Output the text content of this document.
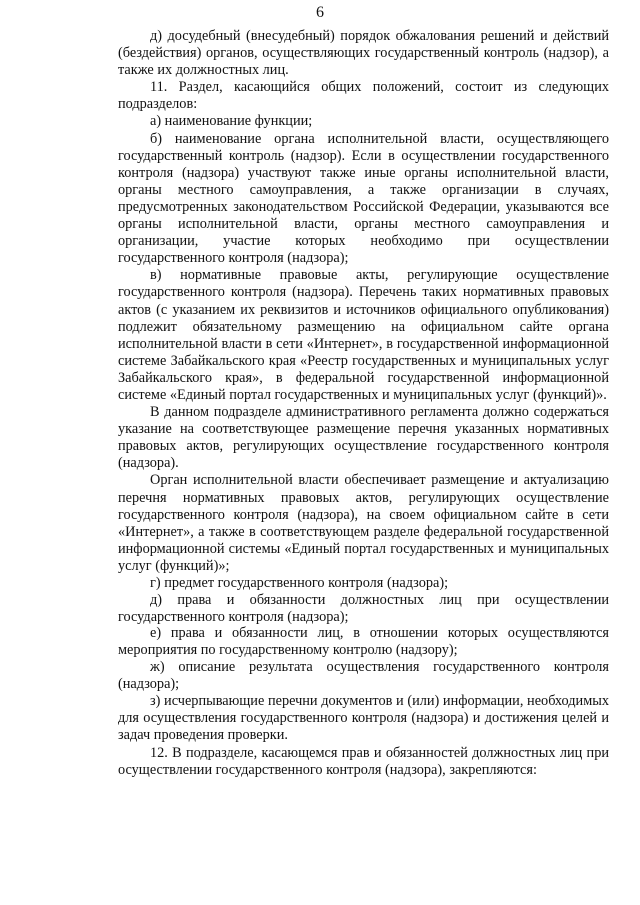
6

д) досудебный (внесудебный) порядок обжалования решений и действий (бездействия) органов, осуществляющих государственный контроль (надзор), а также их должностных лиц.

11. Раздел, касающийся общих положений, состоит из следующих подразделов:

а) наименование функции;

б) наименование органа исполнительной власти, осуществляющего государственный контроль (надзор). Если в осуществлении государственного контроля (надзора) участвуют также иные органы исполнительной власти, органы местного самоуправления, а также организации в случаях, предусмотренных законодательством Российской Федерации, указываются все органы исполнительной власти, органы местного самоуправления и организации, участие которых необходимо при осуществлении государственного контроля (надзора);

в) нормативные правовые акты, регулирующие осуществление государственного контроля (надзора). Перечень таких нормативных правовых актов (с указанием их реквизитов и источников официального опубликования) подлежит обязательному размещению на официальном сайте органа исполнительной власти в сети «Интернет», в государственной информационной системе Забайкальского края «Реестр государственных и муниципальных услуг Забайкальского края», в федеральной государственной информационной системе «Единый портал государственных и муниципальных услуг (функций)».

В данном подразделе административного регламента должно содержаться указание на соответствующее размещение перечня указанных нормативных правовых актов, регулирующих осуществление государственного контроля (надзора).

Орган исполнительной власти обеспечивает размещение и актуализацию перечня нормативных правовых актов, регулирующих осуществление государственного контроля (надзора), на своем официальном сайте в сети «Интернет», а также в соответствующем разделе федеральной государственной информационной системы «Единый портал государственных и муниципальных услуг (функций)»;

г) предмет государственного контроля (надзора);

д) права и обязанности должностных лиц при осуществлении государственного контроля (надзора);

е) права и обязанности лиц, в отношении которых осуществляются мероприятия по государственному контролю (надзору);

ж) описание результата осуществления государственного контроля (надзора);

з) исчерпывающие перечни документов и (или) информации, необходимых для осуществления государственного контроля (надзора) и достижения целей и задач проведения проверки.

12. В подразделе, касающемся прав и обязанностей должностных лиц при осуществлении государственного контроля (надзора), закрепляются:
